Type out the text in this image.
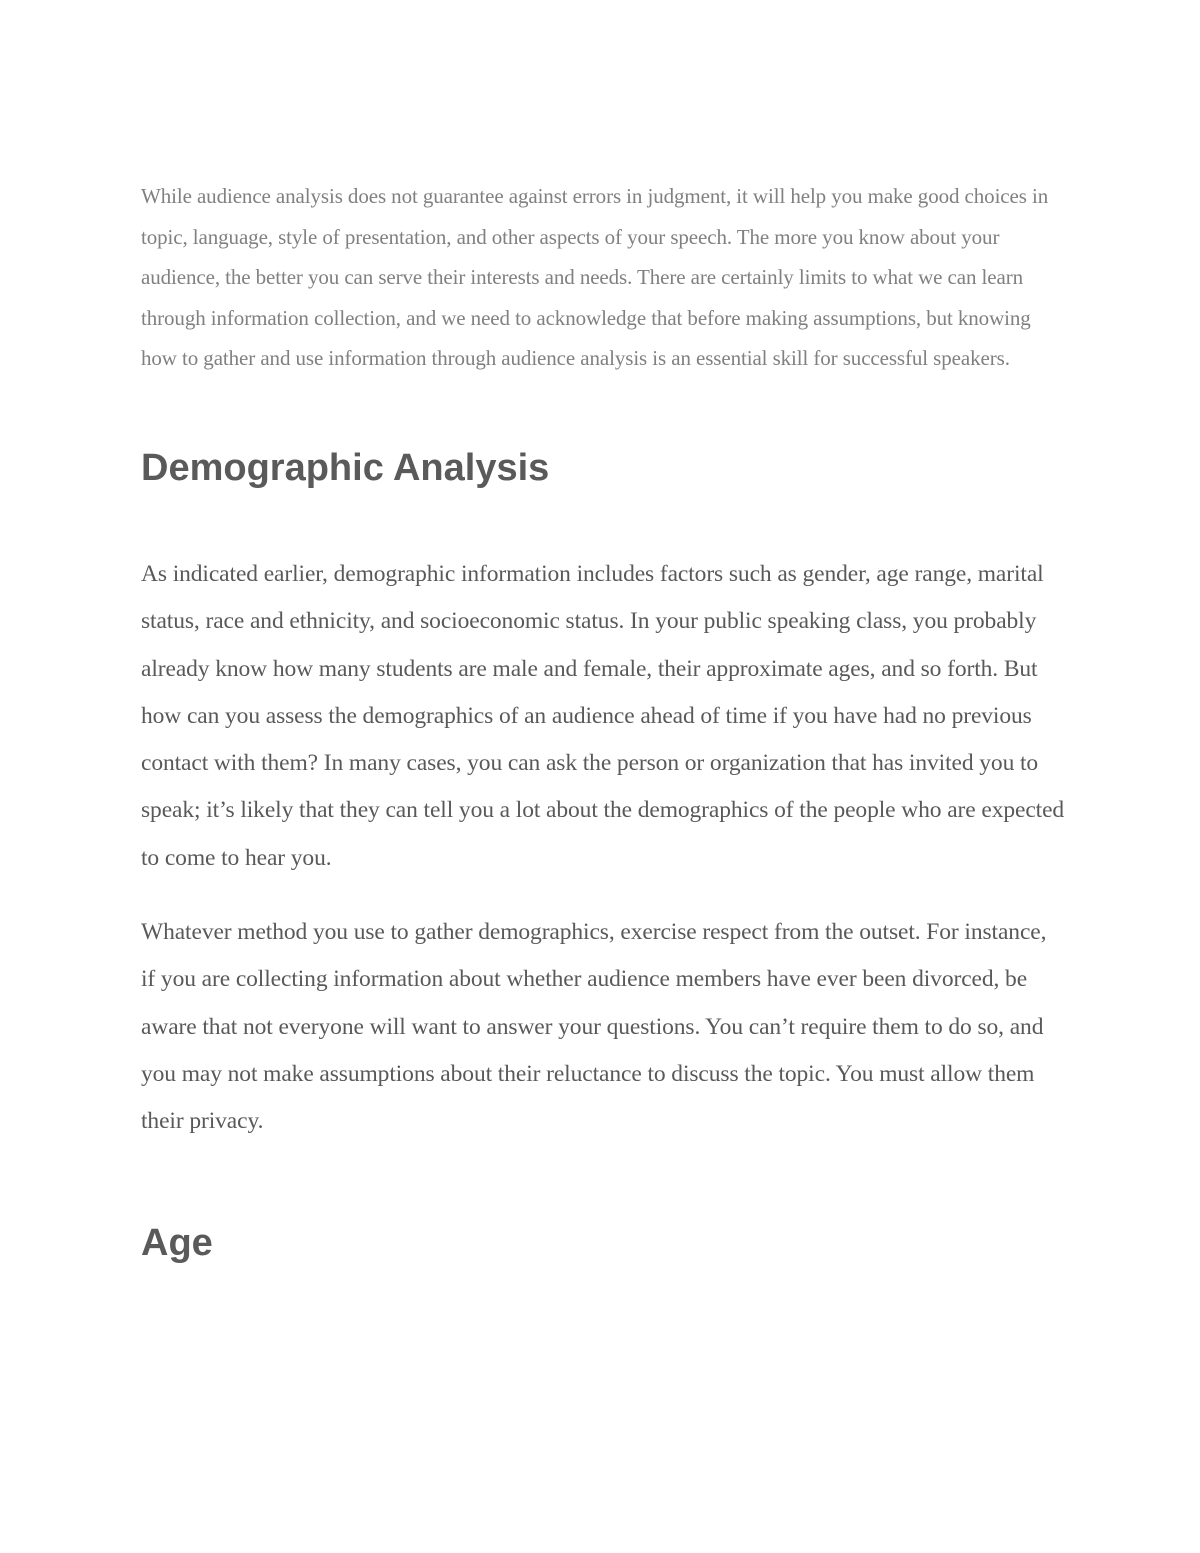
While audience analysis does not guarantee against errors in judgment, it will help you make good choices in topic, language, style of presentation, and other aspects of your speech. The more you know about your audience, the better you can serve their interests and needs. There are certainly limits to what we can learn through information collection, and we need to acknowledge that before making assumptions, but knowing how to gather and use information through audience analysis is an essential skill for successful speakers.

Demographic Analysis

As indicated earlier, demographic information includes factors such as gender, age range, marital status, race and ethnicity, and socioeconomic status. In your public speaking class, you probably already know how many students are male and female, their approximate ages, and so forth. But how can you assess the demographics of an audience ahead of time if you have had no previous contact with them? In many cases, you can ask the person or organization that has invited you to speak; it’s likely that they can tell you a lot about the demographics of the people who are expected to come to hear you.

Whatever method you use to gather demographics, exercise respect from the outset. For instance, if you are collecting information about whether audience members have ever been divorced, be aware that not everyone will want to answer your questions. You can’t require them to do so, and you may not make assumptions about their reluctance to discuss the topic. You must allow them their privacy.

Age
